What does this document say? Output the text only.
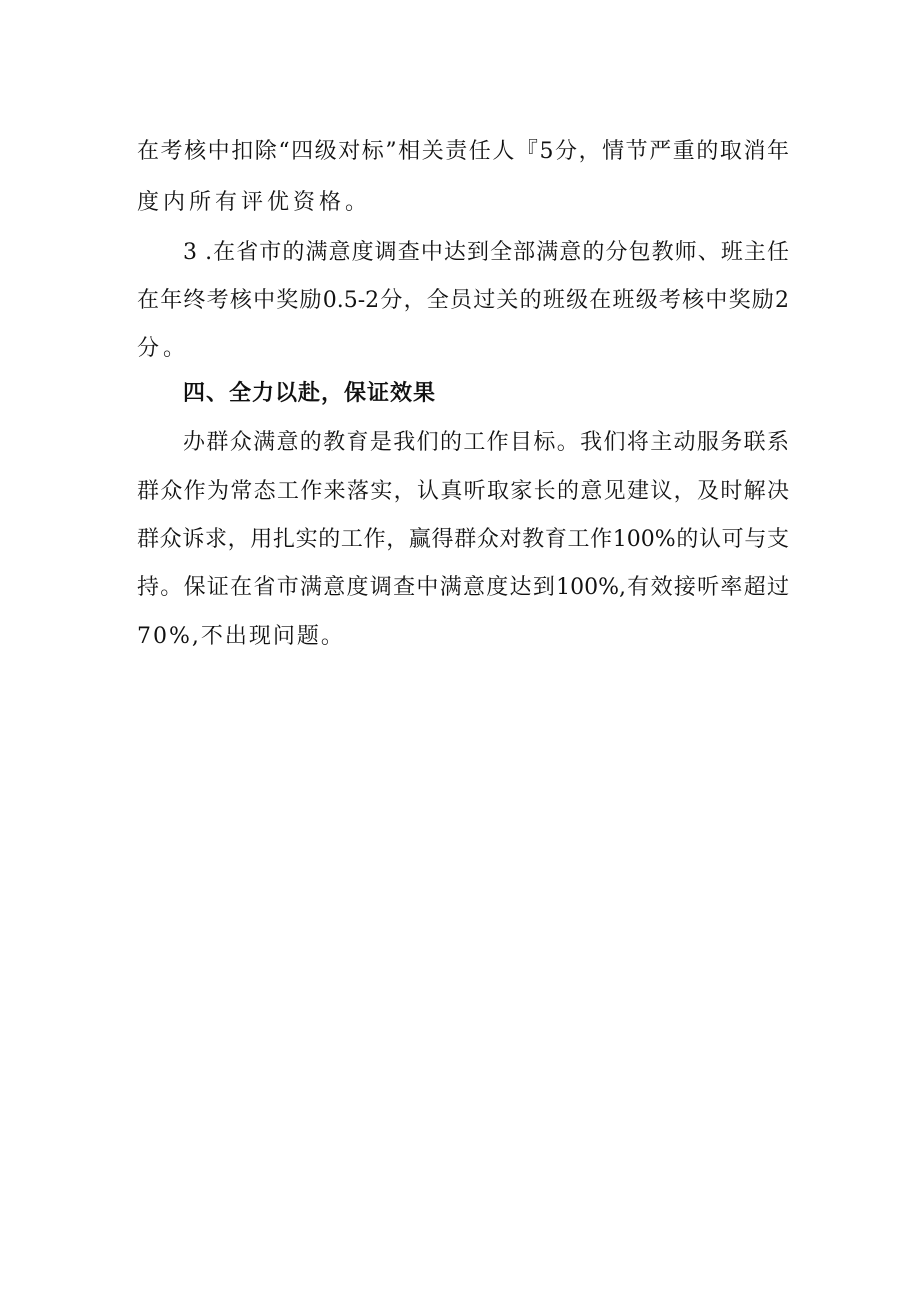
在考核中扣除“四级对标”相关责任人『5分，情节严重的取消年
度内所有评优资格。
3 .在省市的满意度调查中达到全部满意的分包教师、班主任
在年终考核中奖励0.5-2分，全员过关的班级在班级考核中奖励2
分。
四、全力以赴，保证效果
办群众满意的教育是我们的工作目标。我们将主动服务联系
群众作为常态工作来落实，认真听取家长的意见建议，及时解决
群众诉求，用扎实的工作，赢得群众对教育工作100%的认可与支
持。保证在省市满意度调查中满意度达到100%,有效接听率超过
70%,不出现问题。
